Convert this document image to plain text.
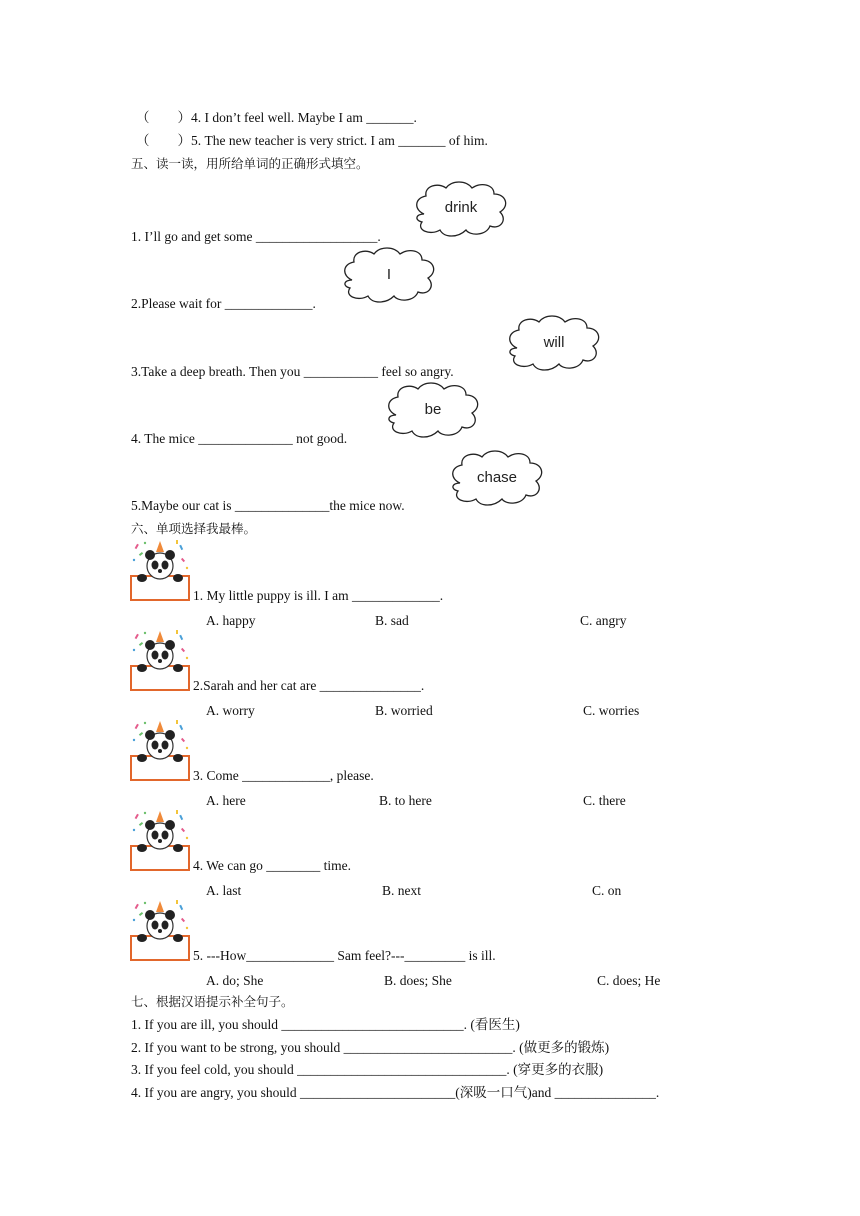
（ ）4. I don’t feel well. Maybe I am _______.
（ ）5. The new teacher is very strict. I am _______ of him.
五、读一读，用所给单词的正确形式填空。
drink
1. I’ll go and get some __________________.
I
2.Please wait for _____________.
will
3.Take a deep breath. Then you ___________ feel so angry.
be
4. The mice ______________ not good.
chase
5.Maybe our cat is ______________the mice now.
六、单项选择我最棒。
1. My little puppy is ill. I am _____________.
A. happy	B. sad	C. angry
2.Sarah and her cat are _______________.
A. worry	B. worried	C. worries
3. Come _____________, please.
A. here	B. to here	C. there
4. We can go ________ time.
A. last	B. next	C. on
5. ---How_____________ Sam feel?---_________ is ill.
A. do; She	B. does; She	C. does; He
七、根据汉语提示补全句子。
1. If you are ill, you should ___________________________. (看医生)
2. If you want to be strong, you should _________________________. (做更多的锻炼)
3. If you feel cold, you should _______________________________. (穿更多的衣服)
4. If you are angry, you should _______________________(深吸一口气)and _______________.
